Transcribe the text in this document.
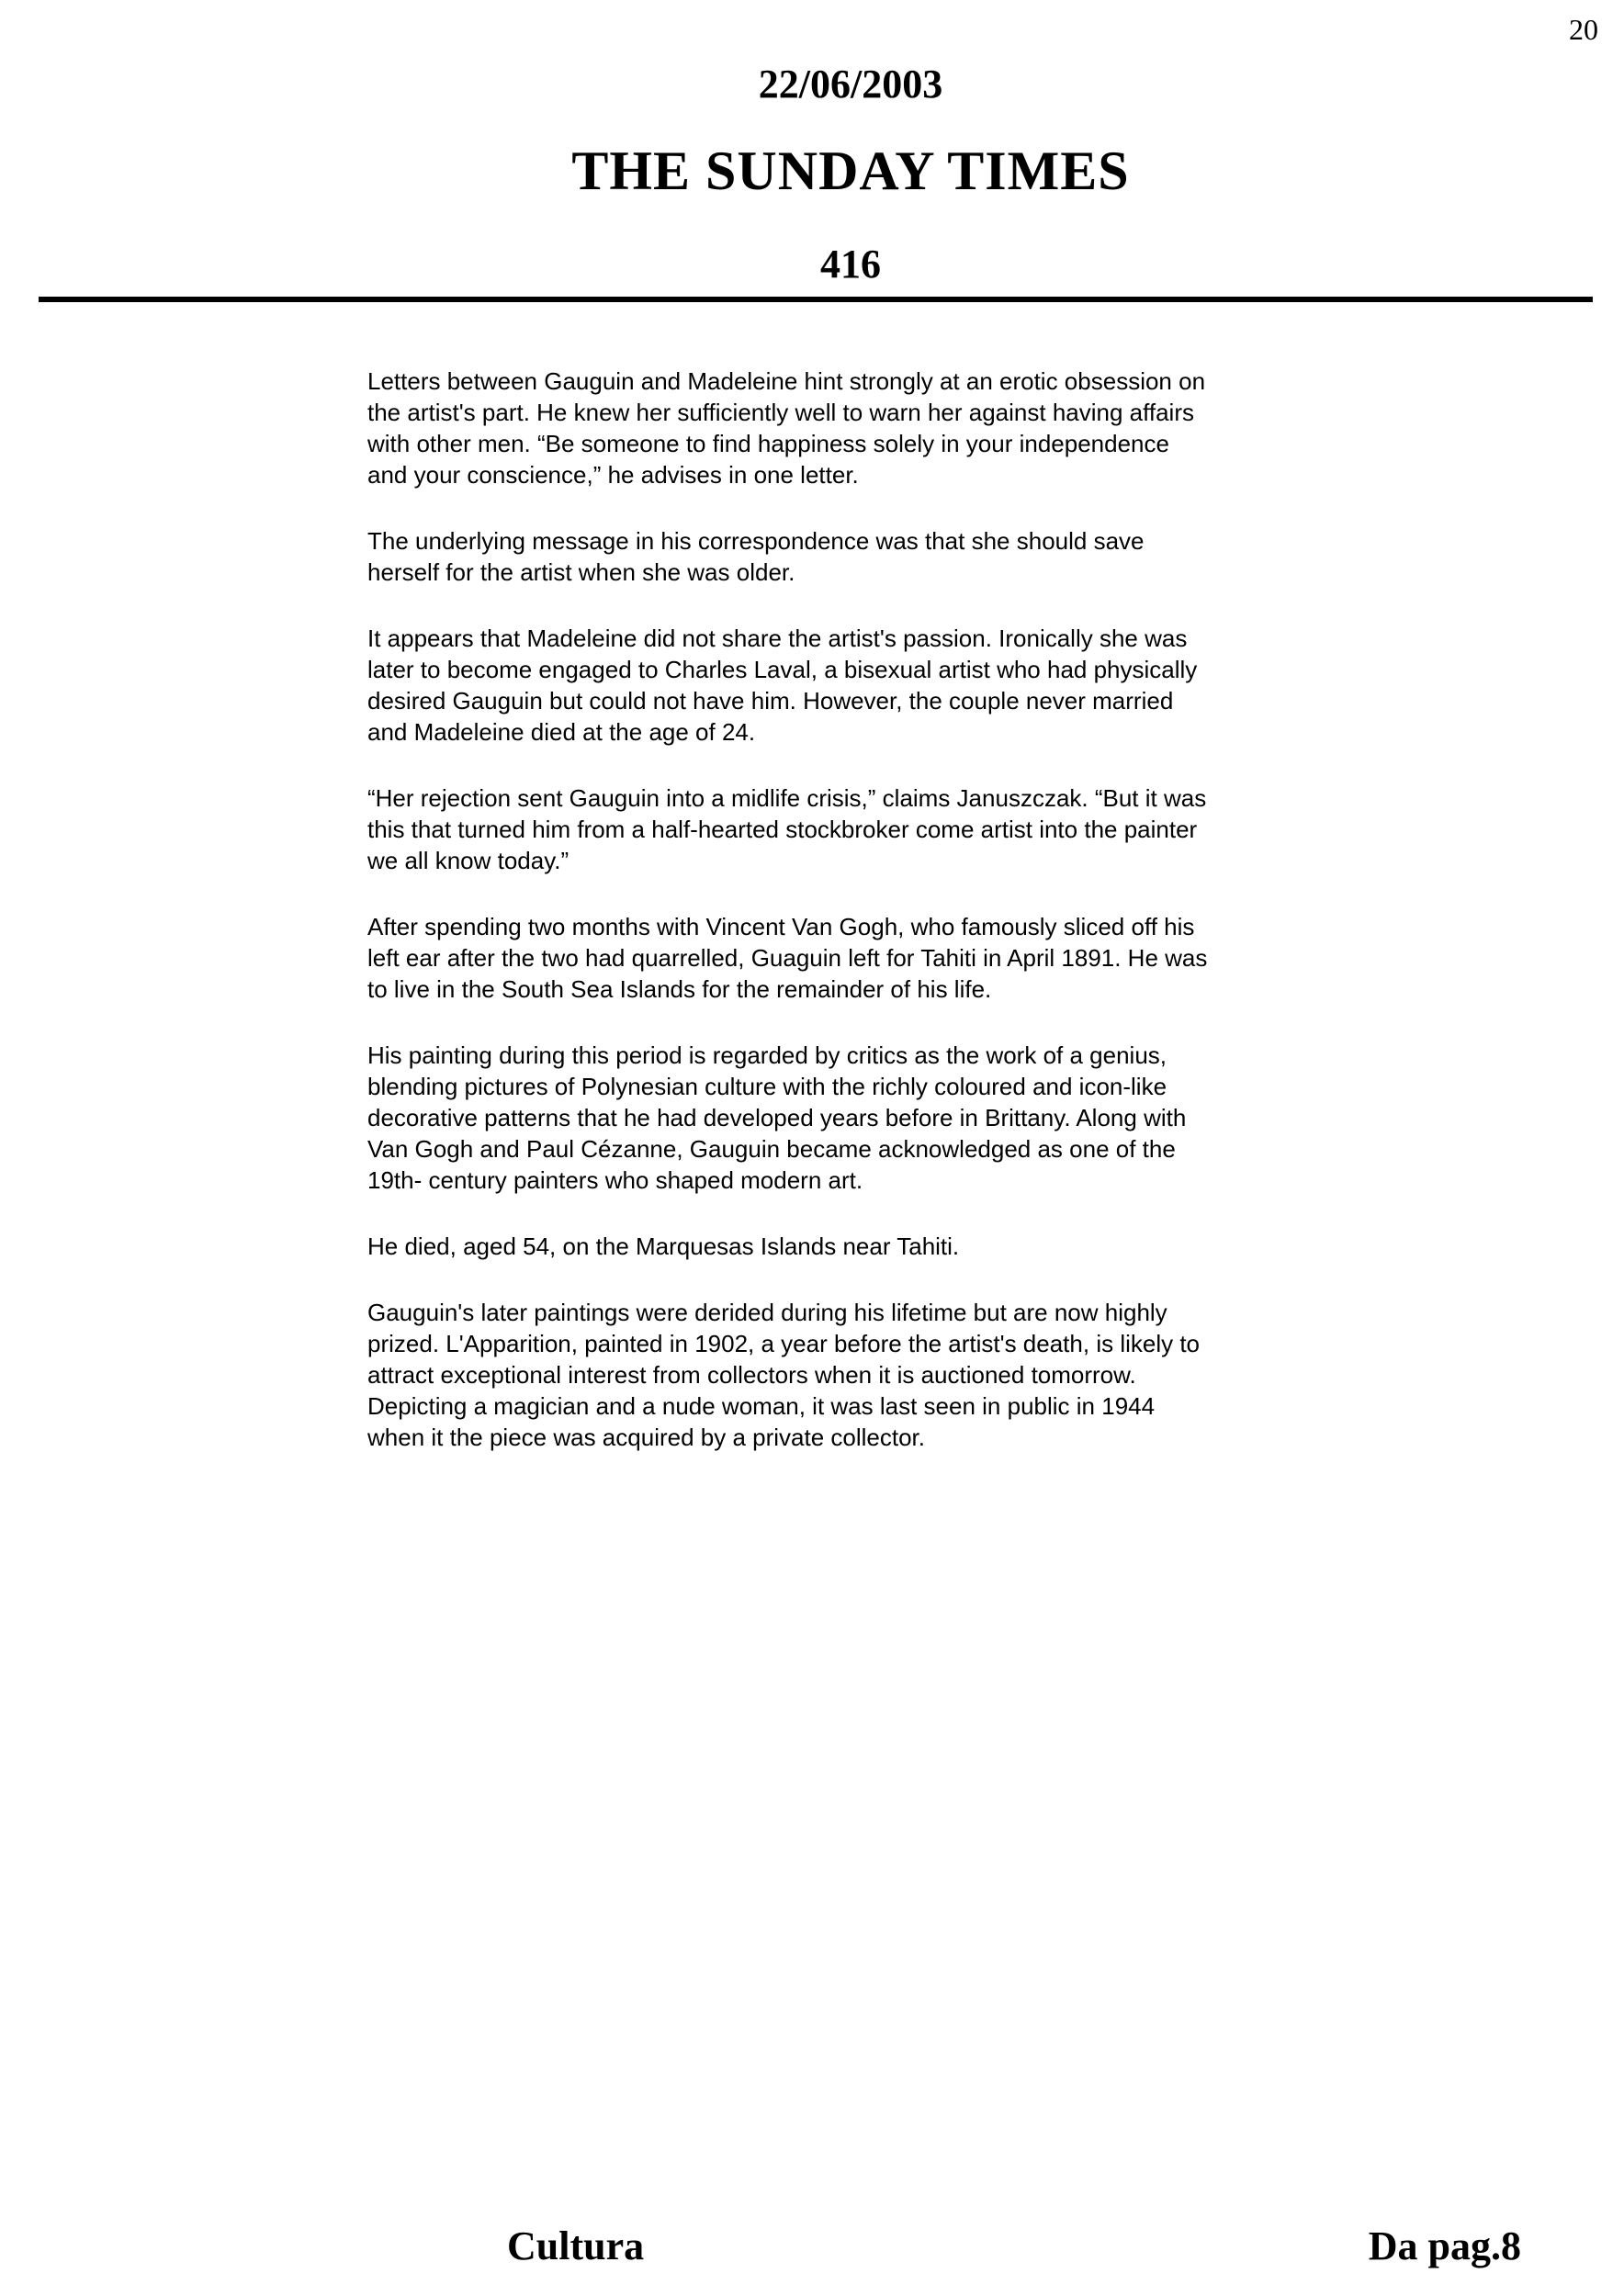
20
22/06/2003
THE SUNDAY TIMES
416

Letters between Gauguin and Madeleine hint strongly at an erotic obsession on the artist's part. He knew her sufficiently well to warn her against having affairs with other men. “Be someone to find happiness solely in your independence and your conscience,” he advises in one letter.

The underlying message in his correspondence was that she should save herself for the artist when she was older.

It appears that Madeleine did not share the artist's passion. Ironically she was later to become engaged to Charles Laval, a bisexual artist who had physically desired Gauguin but could not have him. However, the couple never married and Madeleine died at the age of 24.

“Her rejection sent Gauguin into a midlife crisis,” claims Januszczak. “But it was this that turned him from a half-hearted stockbroker come artist into the painter we all know today.”

After spending two months with Vincent Van Gogh, who famously sliced off his left ear after the two had quarrelled, Guaguin left for Tahiti in April 1891. He was to live in the South Sea Islands for the remainder of his life.

His painting during this period is regarded by critics as the work of a genius, blending pictures of Polynesian culture with the richly coloured and icon-like decorative patterns that he had developed years before in Brittany. Along with Van Gogh and Paul Cézanne, Gauguin became acknowledged as one of the 19th- century painters who shaped modern art.

He died, aged 54, on the Marquesas Islands near Tahiti.

Gauguin's later paintings were derided during his lifetime but are now highly prized. L'Apparition, painted in 1902, a year before the artist's death, is likely to attract exceptional interest from collectors when it is auctioned tomorrow. Depicting a magician and a nude woman, it was last seen in public in 1944 when it the piece was acquired by a private collector.

Cultura	Da pag.8
